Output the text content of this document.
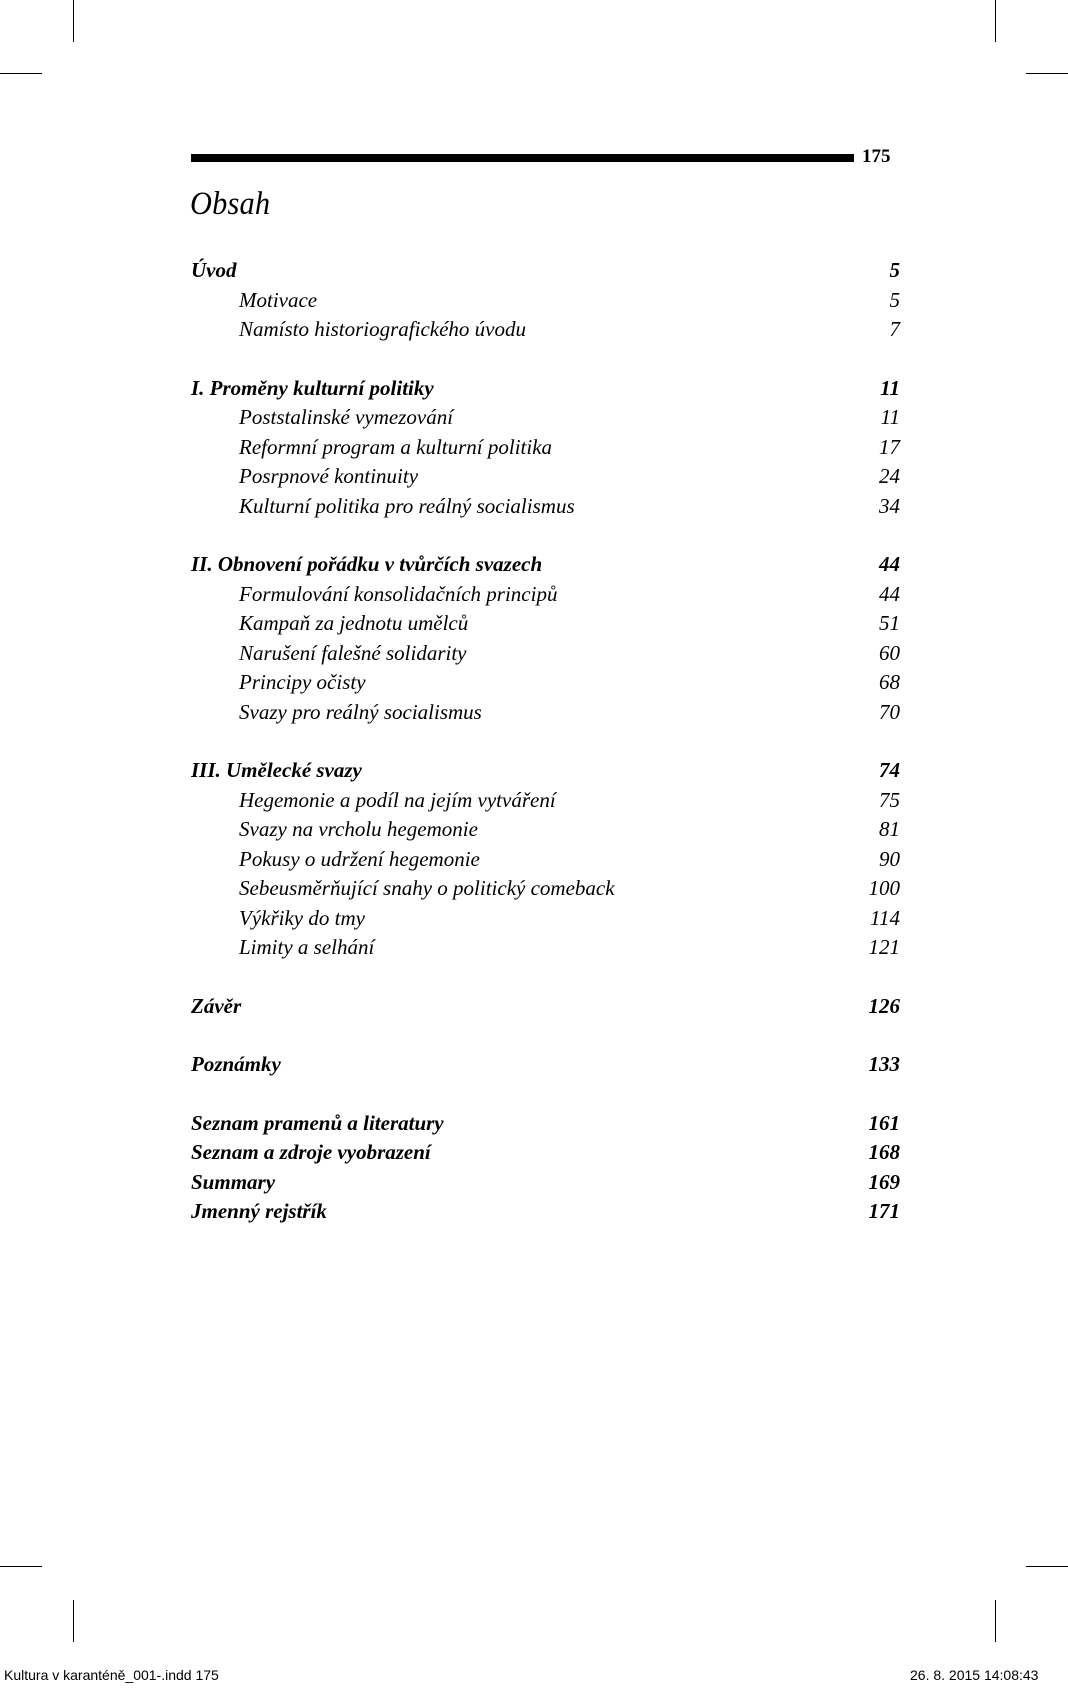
175
Obsah
Úvod	5
Motivace	5
Namísto historiografického úvodu	7
I. Proměny kulturní politiky	11
Poststalinské vymezování	11
Reformní program a kulturní politika	17
Posrpnové kontinuity	24
Kulturní politika pro reálný socialismus	34
II. Obnovení pořádku v tvůrčích svazech	44
Formulování konsolidačních principů	44
Kampaň za jednotu umělců	51
Narušení falešné solidarity	60
Principy očisty	68
Svazy pro reálný socialismus	70
III. Umělecké svazy	74
Hegemonie a podíl na jejím vytváření	75
Svazy na vrcholu hegemonie	81
Pokusy o udržení hegemonie	90
Sebeusměrňující snahy o politický comeback	100
Výkřiky do tmy	114
Limity a selhání	121
Závěr	126
Poznámky	133
Seznam pramenů a literatury	161
Seznam a zdroje vyobrazení	168
Summary	169
Jmenný rejstřík	171
Kultura v karanténě_001-.indd 175	26. 8. 2015 14:08:43
